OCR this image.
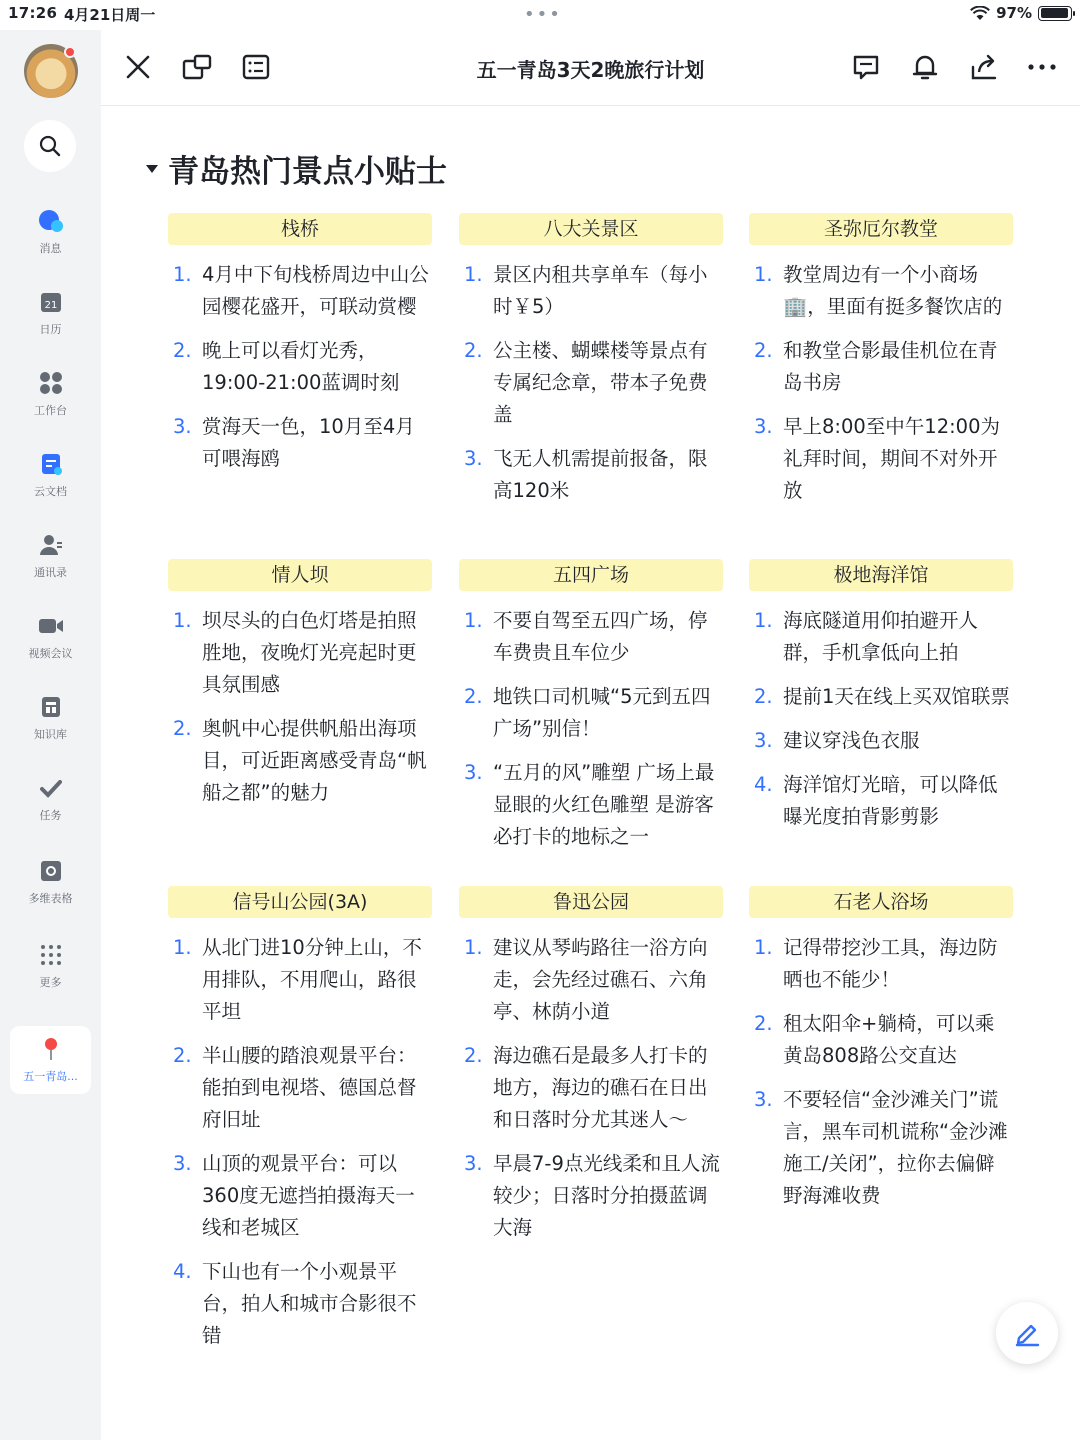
17:26 4月21日周一	•••	97%
消息
21
日历
工作台
云文档
通讯录
视频会议
知识库
任务
多维表格
更多
五一青岛...
五一青岛3天2晚旅行计划
青岛热门景点小贴士
栈桥
1. 4月中下旬栈桥周边中山公园樱花盛开，可联动赏樱
2. 晚上可以看灯光秀，19:00-21:00蓝调时刻
3. 赏海天一色，10月至4月可喂海鸥
八大关景区
1. 景区内租共享单车（每小时￥5）
2. 公主楼、蝴蝶楼等景点有专属纪念章，带本子免费盖
3. 飞无人机需提前报备，限高120米
圣弥厄尔教堂
1. 教堂周边有一个小商场🏢，里面有挺多餐饮店的
2. 和教堂合影最佳机位在青岛书房
3. 早上8:00至中午12:00为礼拜时间，期间不对外开放
情人坝
1. 坝尽头的白色灯塔是拍照胜地，夜晚灯光亮起时更具氛围感
2. 奥帆中心提供帆船出海项目，可近距离感受青岛“帆船之都”的魅力
五四广场
1. 不要自驾至五四广场，停车费贵且车位少
2. 地铁口司机喊“5元到五四广场”别信！
3. “五月的风”雕塑 广场上最显眼的火红色雕塑 是游客必打卡的地标之一
极地海洋馆
1. 海底隧道用仰拍避开人群，手机拿低向上拍
2. 提前1天在线上买双馆联票
3. 建议穿浅色衣服
4. 海洋馆灯光暗，可以降低曝光度拍背影剪影
信号山公园(3A)
1. 从北门进10分钟上山，不用排队，不用爬山，路很平坦
2. 半山腰的踏浪观景平台：能拍到电视塔、德国总督府旧址
3. 山顶的观景平台：可以360度无遮挡拍摄海天一线和老城区
4. 下山也有一个小观景平台，拍人和城市合影很不错
鲁迅公园
1. 建议从琴屿路往一浴方向走，会先经过礁石、六角亭、林荫小道
2. 海边礁石是最多人打卡的地方，海边的礁石在日出和日落时分尤其迷人～
3. 早晨7-9点光线柔和且人流较少；日落时分拍摄蓝调大海
石老人浴场
1. 记得带挖沙工具，海边防晒也不能少！
2. 租太阳伞+躺椅，可以乘黄岛808路公交直达
3. 不要轻信“金沙滩关门”谎言，黑车司机谎称“金沙滩施工/关闭”，拉你去偏僻野海滩收费
